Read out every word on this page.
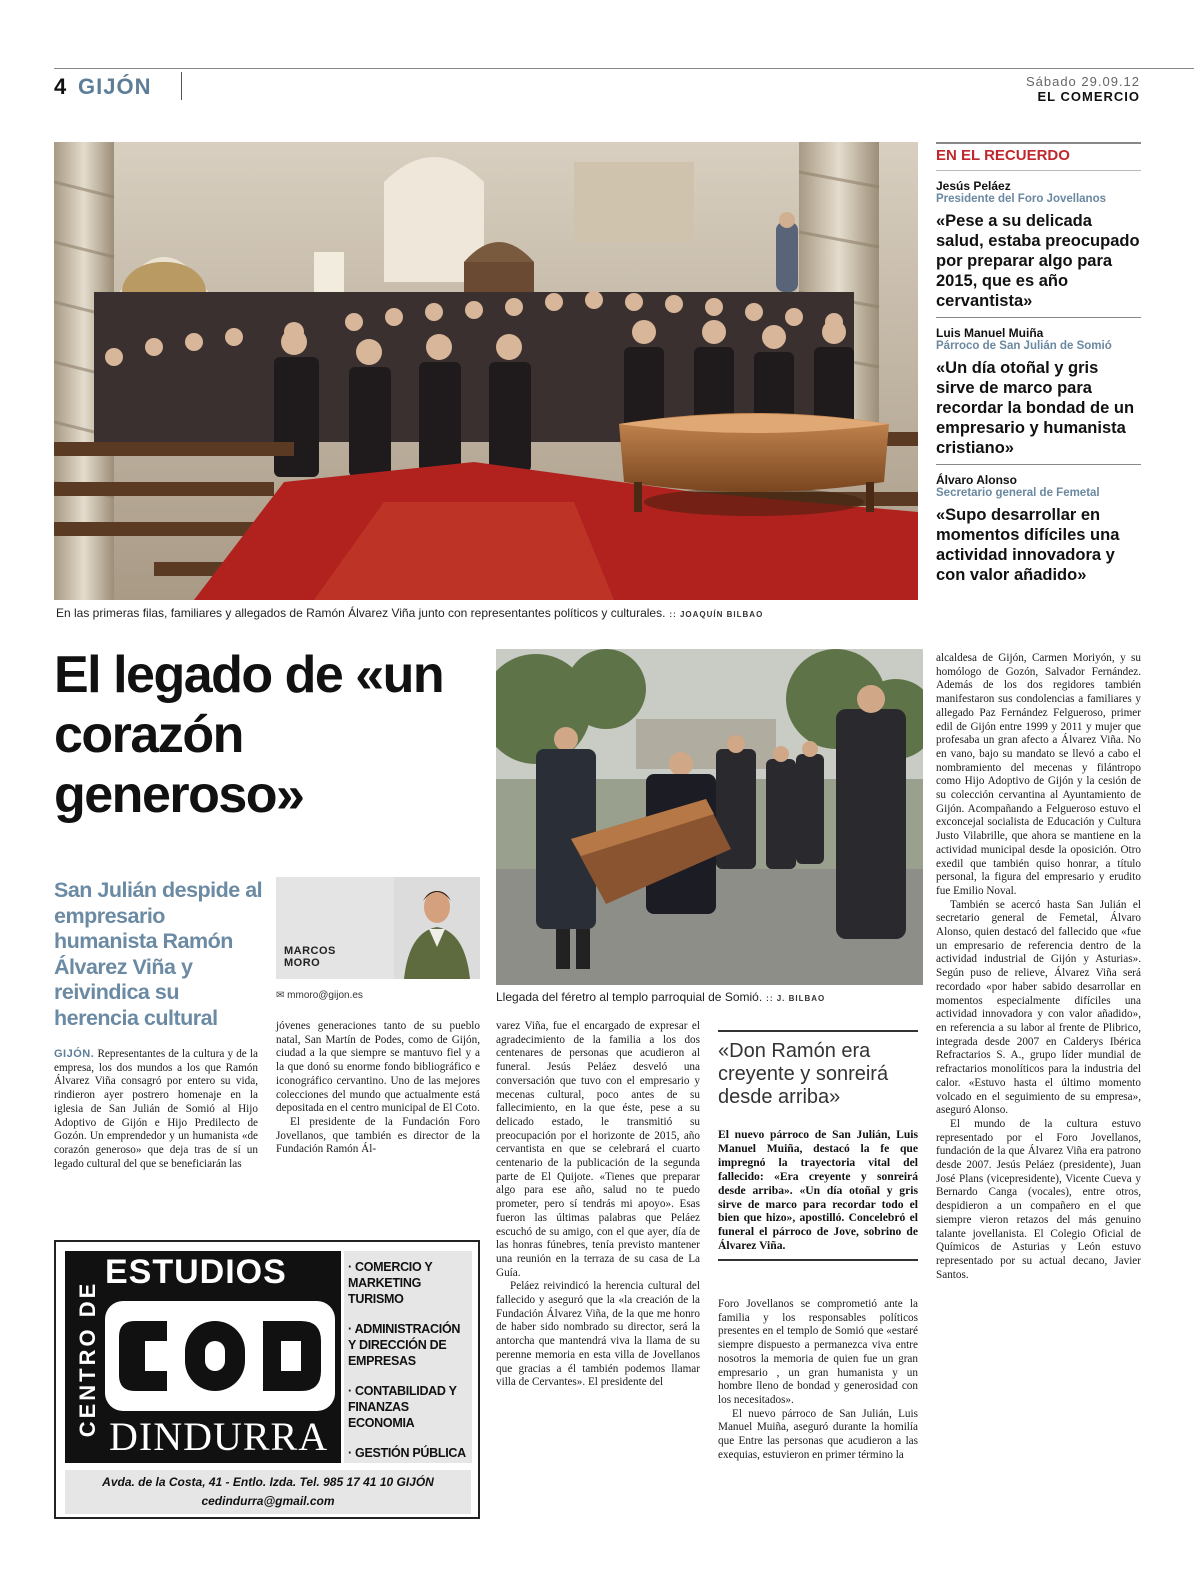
4 GIJÓN	Sábado 29.09.12
EL COMERCIO
En las primeras filas, familiares y allegados de Ramón Álvarez Viña junto con representantes políticos y culturales. :: JOAQUÍN BILBAO
EN EL RECUERDO
Jesús Peláez
Presidente del Foro Jovellanos
«Pese a su delicada salud, estaba preocupado por preparar algo para 2015, que es año cervantista»
Luis Manuel Muiña
Párroco de San Julián de Somió
«Un día otoñal y gris sirve de marco para recordar la bondad de un empresario y humanista cristiano»
Álvaro Alonso
Secretario general de Femetal
«Supo desarrollar en momentos difíciles una actividad innovadora y con valor añadido»
El legado de «un corazón generoso»
San Julián despide al empresario humanista Ramón Álvarez Viña y reivindica su herencia cultural
MARCOS
MORO
✉ mmoro@gijon.es

GIJÓN. Representantes de la cultura y de la empresa, los dos mundos a los que Ramón Álvarez Viña consagró por entero su vida, rindieron ayer postrero homenaje en la iglesia de San Julián de Somió al Hijo Adoptivo de Gijón e Hijo Predilecto de Gozón. Un emprendedor y un humanista «de corazón generoso» que deja tras de sí un legado cultural del que se beneficiarán las

jóvenes generaciones tanto de su pueblo natal, San Martín de Podes, como de Gijón, ciudad a la que siempre se mantuvo fiel y a la que donó su enorme fondo bibliográfico e iconográfico cervantino. Uno de las mejores colecciones del mundo que actualmente está depositada en el centro municipal de El Coto.

El presidente de la Fundación Foro Jovellanos, que también es director de la Fundación Ramón Ál-

Llegada del féretro al templo parroquial de Somió. :: J. BILBAO

varez Viña, fue el encargado de expresar el agradecimiento de la familia a los dos centenares de personas que acudieron al funeral. Jesús Peláez desveló una conversación que tuvo con el empresario y mecenas cultural, poco antes de su fallecimiento, en la que éste, pese a su delicado estado, le transmitió su preocupación por el horizonte de 2015, año cervantista en que se celebrará el cuarto centenario de la publicación de la segunda parte de El Quijote. «Tienes que preparar algo para ese año, salud no te puedo prometer, pero sí tendrás mi apoyo». Esas fueron las últimas palabras que Peláez escuchó de su amigo, con el que ayer, día de las honras fúnebres, tenía previsto mantener una reunión en la terraza de su casa de La Guía.

Peláez reivindicó la herencia cultural del fallecido y aseguró que la «la creación de la Fundación Álvarez Viña, de la que me honro de haber sido nombrado su director, será la antorcha que mantendrá viva la llama de su perenne memoria en esta villa de Jovellanos que gracias a él también podemos llamar villa de Cervantes». El presidente del

«Don Ramón era creyente y sonreirá desde arriba»
El nuevo párroco de San Julián, Luis Manuel Muiña, destacó la fe que impregnó la trayectoria vital del fallecido: «Era creyente y sonreirá desde arriba». «Un día otoñal y gris sirve de marco para recordar todo el bien que hizo», apostilló. Concelebró el funeral el párroco de Jove, sobrino de Álvarez Viña.

Foro Jovellanos se comprometió ante la familia y los responsables políticos presentes en el templo de Somió que «estaré siempre dispuesto a permanezca viva entre nosotros la memoria de quien fue un gran empresario , un gran humanista y un hombre lleno de bondad y generosidad con los necesitados».

El nuevo párroco de San Julián, Luis Manuel Muiña, aseguró durante la homilía que Entre las personas que acudieron a las exequias, estuvieron en primer término la

alcaldesa de Gijón, Carmen Moriyón, y su homólogo de Gozón, Salvador Fernández. Además de los dos regidores también manifestaron sus condolencias a familiares y allegado Paz Fernández Felgueroso, primer edil de Gijón entre 1999 y 2011 y mujer que profesaba un gran afecto a Álvarez Viña. No en vano, bajo su mandato se llevó a cabo el nombramiento del mecenas y filántropo como Hijo Adoptivo de Gijón y la cesión de su colección cervantina al Ayuntamiento de Gijón. Acompañando a Felgueroso estuvo el exconcejal socialista de Educación y Cultura Justo Vilabrille, que ahora se mantiene en la actividad municipal desde la oposición. Otro exedil que también quiso honrar, a título personal, la figura del empresario y erudito fue Emilio Noval.

También se acercó hasta San Julián el secretario general de Femetal, Álvaro Alonso, quien destacó del fallecido que «fue un empresario de referencia dentro de la actividad industrial de Gijón y Asturias». Según puso de relieve, Álvarez Viña será recordado «por haber sabido desarrollar en momentos especialmente difíciles una actividad innovadora y con valor añadido», en referencia a su labor al frente de Plibrico, integrada desde 2007 en Calderys Ibérica Refractarios S. A., grupo líder mundial de refractarios monolíticos para la industria del calor. «Estuvo hasta el último momento volcado en el seguimiento de su empresa», aseguró Alonso.

El mundo de la cultura estuvo representado por el Foro Jovellanos, fundación de la que Álvarez Viña era patrono desde 2007. Jesús Peláez (presidente), Juan José Plans (vicepresidente), Vicente Cueva y Bernardo Canga (vocales), entre otros, despidieron a un compañero en el que siempre vieron retazos del más genuino talante jovellanista. El Colegio Oficial de Químicos de Asturias y León estuvo representado por su actual decano, Javier Santos.

ESTUDIOS
CENTRO DE DINDURRA
· COMERCIO Y MARKETING TURISMO
· ADMINISTRACIÓN Y DIRECCIÓN DE EMPRESAS
· CONTABILIDAD Y FINANZAS ECONOMIA
· GESTIÓN PÚBLICA
Avda. de la Costa, 41 - Entlo. Izda. Tel. 985 17 41 10 GIJÓN
cedindurra@gmail.com
